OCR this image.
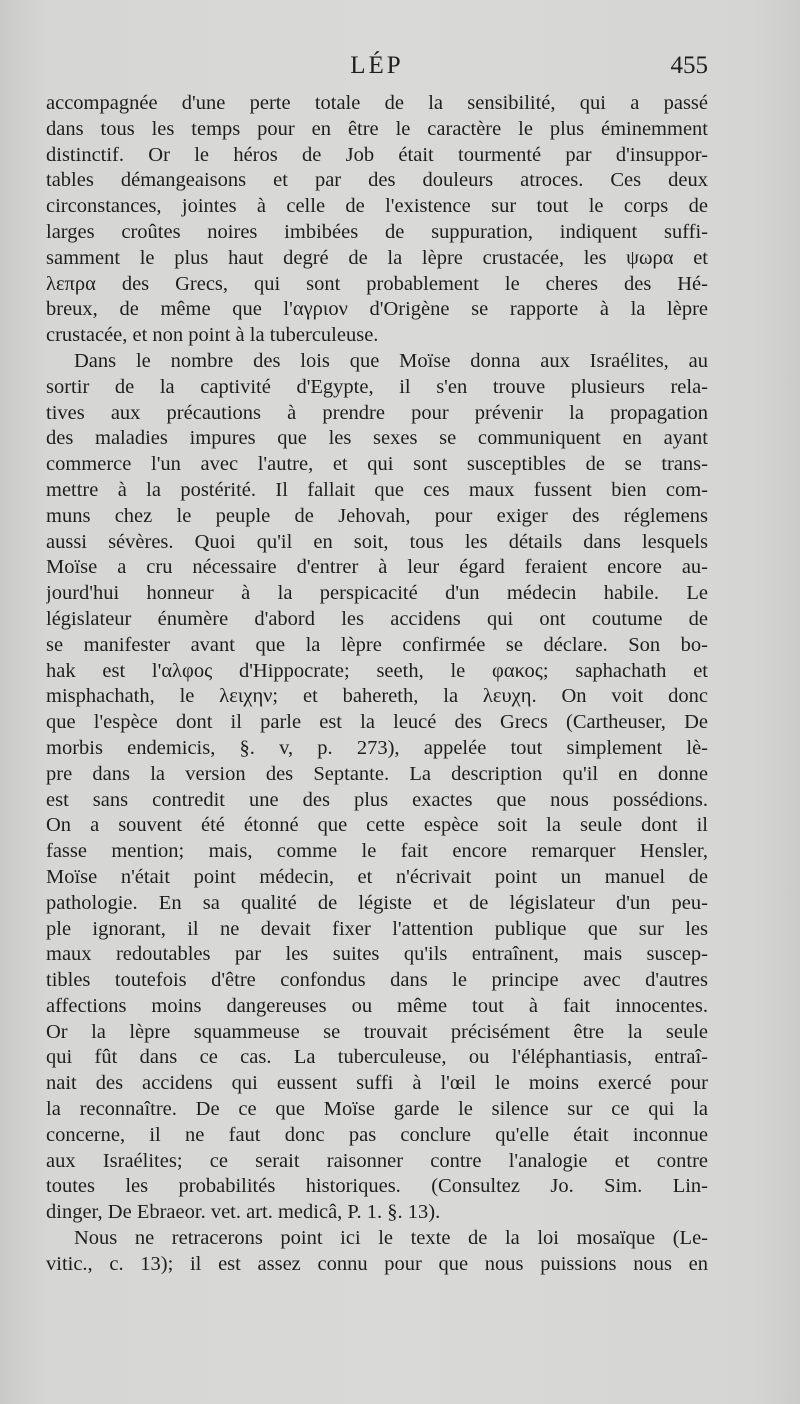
LÉP	455
accompagnée d'une perte totale de la sensibilité, qui a passé
dans tous les temps pour en être le caractère le plus éminemment
distinctif. Or le héros de Job était tourmenté par d'insuppor-
tables démangeaisons et par des douleurs atroces. Ces deux
circonstances, jointes à celle de l'existence sur tout le corps de
larges croûtes noires imbibées de suppuration, indiquent suffi-
samment le plus haut degré de la lèpre crustacée, les ψωρα et
λεπρα des Grecs, qui sont probablement le cheres des Hé-
breux, de même que l'αγριον d'Origène se rapporte à la lèpre
crustacée, et non point à la tuberculeuse.
Dans le nombre des lois que Moïse donna aux Israélites, au
sortir de la captivité d'Egypte, il s'en trouve plusieurs rela-
tives aux précautions à prendre pour prévenir la propagation
des maladies impures que les sexes se communiquent en ayant
commerce l'un avec l'autre, et qui sont susceptibles de se trans-
mettre à la postérité. Il fallait que ces maux fussent bien com-
muns chez le peuple de Jehovah, pour exiger des réglemens
aussi sévères. Quoi qu'il en soit, tous les détails dans lesquels
Moïse a cru nécessaire d'entrer à leur égard feraient encore au-
jourd'hui honneur à la perspicacité d'un médecin habile. Le
législateur énumère d'abord les accidens qui ont coutume de
se manifester avant que la lèpre confirmée se déclare. Son bo-
hak est l'αλφος d'Hippocrate; seeth, le φακος; saphachath et
misphachath, le λειχην; et bahereth, la λευχη. On voit donc
que l'espèce dont il parle est la leucé des Grecs (Cartheuser, De
morbis endemicis, §. v, p. 273), appelée tout simplement lè-
pre dans la version des Septante. La description qu'il en donne
est sans contredit une des plus exactes que nous possédions.
On a souvent été étonné que cette espèce soit la seule dont il
fasse mention; mais, comme le fait encore remarquer Hensler,
Moïse n'était point médecin, et n'écrivait point un manuel de
pathologie. En sa qualité de légiste et de législateur d'un peu-
ple ignorant, il ne devait fixer l'attention publique que sur les
maux redoutables par les suites qu'ils entraînent, mais suscep-
tibles toutefois d'être confondus dans le principe avec d'autres
affections moins dangereuses ou même tout à fait innocentes.
Or la lèpre squammeuse se trouvait précisément être la seule
qui fût dans ce cas. La tuberculeuse, ou l'éléphantiasis, entraî-
nait des accidens qui eussent suffi à l'œil le moins exercé pour
la reconnaître. De ce que Moïse garde le silence sur ce qui la
concerne, il ne faut donc pas conclure qu'elle était inconnue
aux Israélites; ce serait raisonner contre l'analogie et contre
toutes les probabilités historiques. (Consultez Jo. Sim. Lin-
dinger, De Ebraeor. vet. art. medicâ, P. 1. §. 13).
Nous ne retracerons point ici le texte de la loi mosaïque (Le-
vitic., c. 13); il est assez connu pour que nous puissions nous en
